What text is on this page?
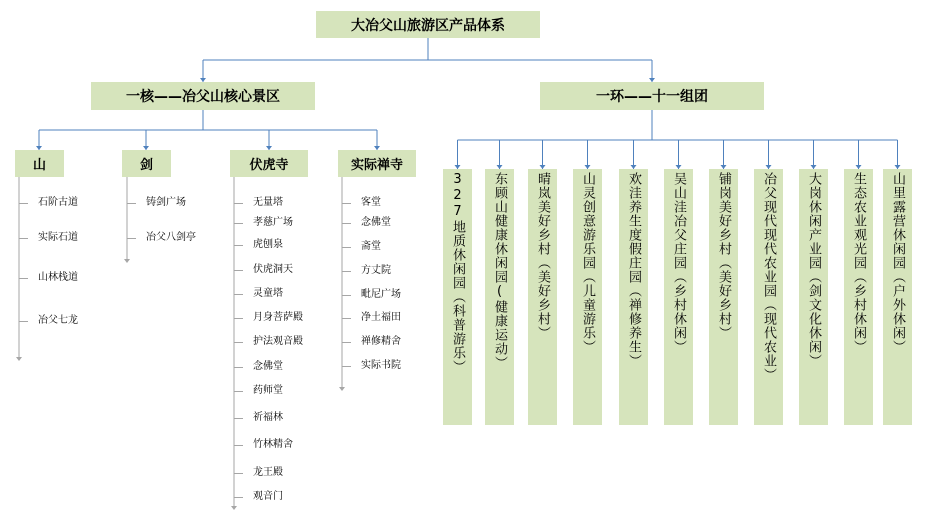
大冶父山旅游区产品体系
一核——冶父山核心景区	一环——十一组团
山	剑	伏虎寺	实际禅寺
327地质休闲园（科普游乐）	东顾山健康休闲园(健康运动）	晴岚美好乡村（美好乡村）	山灵创意游乐园（儿童游乐）	欢洼养生度假庄园（禅修养生）	吴山洼冶父庄园（乡村休闲）	铺岗美好乡村（美好乡村）	冶父现代现代农业园（现代农业）	大岗休闲产业园（剑文化休闲）	生态农业观光园（乡村休闲）	山里露营休闲园（户外休闲）
石阶古道
实际石道
山林栈道
冶父七龙
铸剑广场
冶父八剑亭
无量塔
孝慈广场
虎刨泉
伏虎洞天
灵童塔
月身菩萨殿
护法观音殿
念佛堂
药师堂
祈福林
竹林精舍
龙王殿
观音门
客堂
念佛堂
斋堂
方丈院
毗尼广场
净土福田
禅修精舍
实际书院
